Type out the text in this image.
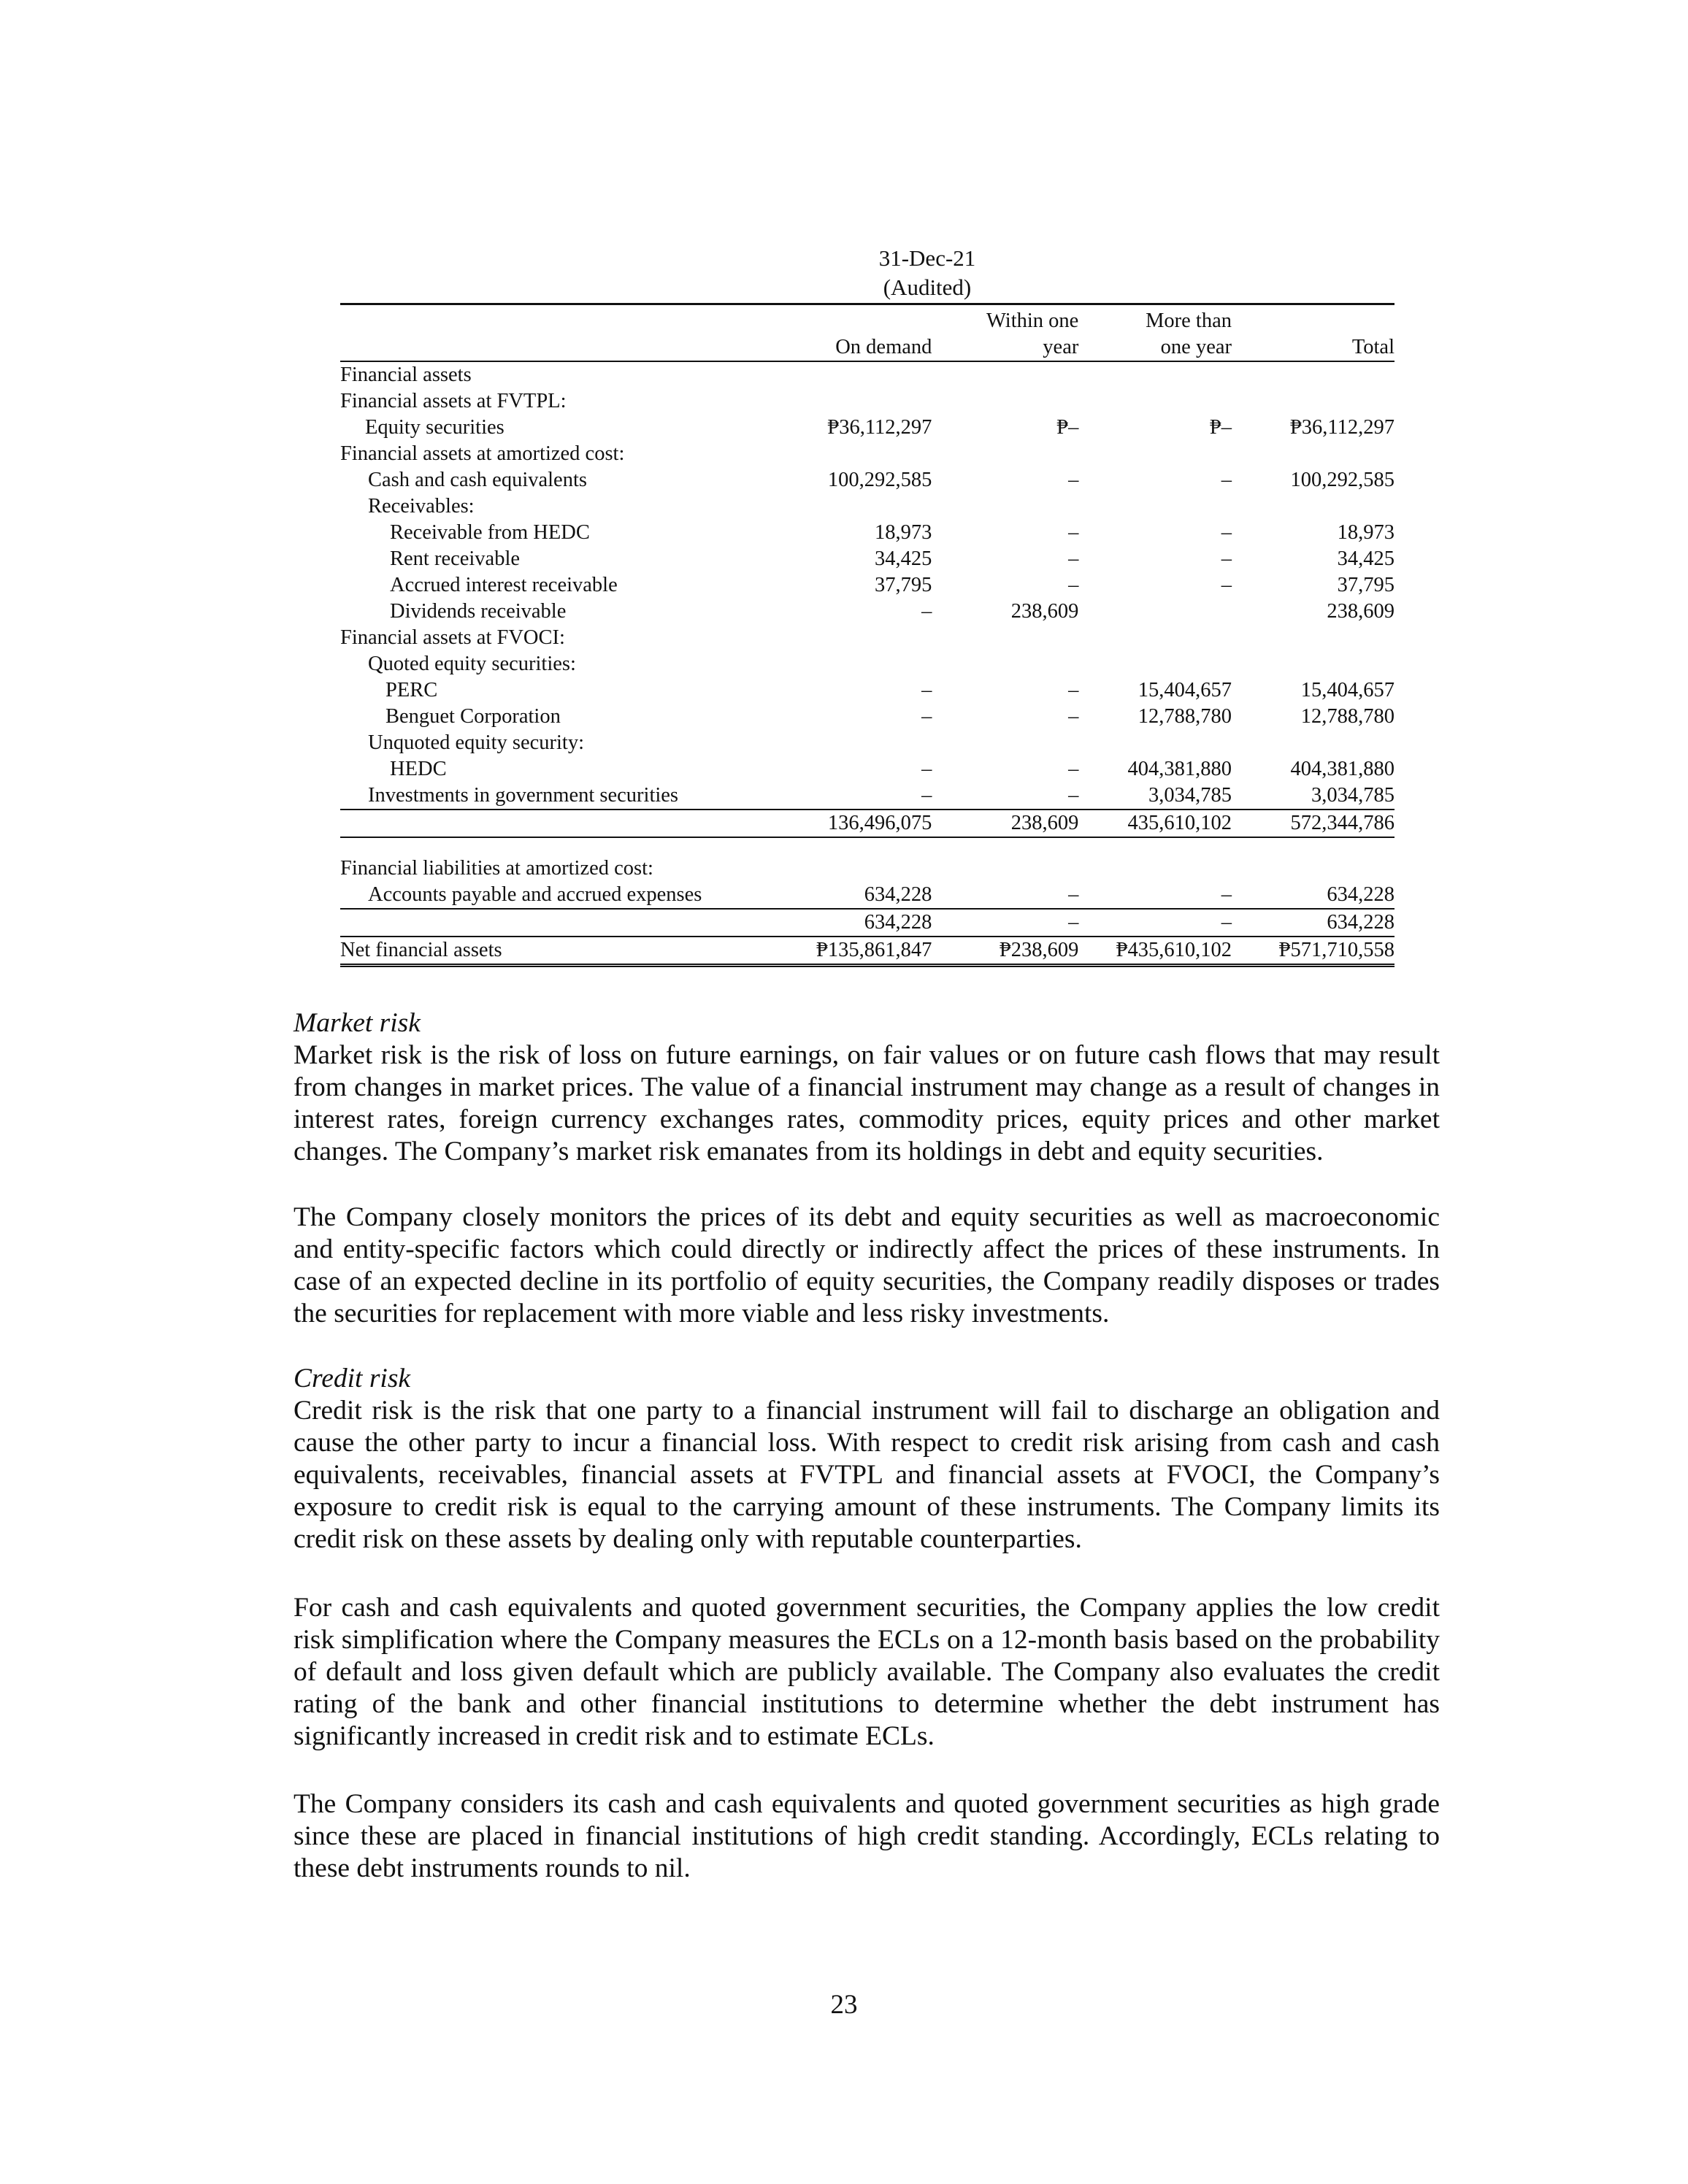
31-Dec-21
(Audited)

		Within one	More than	
	On demand	year	one year	Total
Financial assets				
Financial assets at FVTPL:				
Equity securities	₱36,112,297	₱–	₱–	₱36,112,297
Financial assets at amortized cost:				
Cash and cash equivalents	100,292,585	–	–	100,292,585
Receivables:				
Receivable from HEDC	18,973	–	–	18,973
Rent receivable	34,425	–	–	34,425
Accrued interest receivable	37,795	–	–	37,795
Dividends receivable	–	238,609		238,609
Financial assets at FVOCI:				
Quoted equity securities:				
PERC	–	–	15,404,657	15,404,657
Benguet Corporation	–	–	12,788,780	12,788,780
Unquoted equity security:				
HEDC	–	–	404,381,880	404,381,880
Investments in government securities	–	–	3,034,785	3,034,785
	136,496,075	238,609	435,610,102	572,344,786

Financial liabilities at amortized cost:				
Accounts payable and accrued expenses	634,228	–	–	634,228
	634,228	–	–	634,228
Net financial assets	₱135,861,847	₱238,609	₱435,610,102	₱571,710,558
Market risk

Market risk is the risk of loss on future earnings, on fair values or on future cash flows that may result from changes in market prices. The value of a financial instrument may change as a result of changes in interest rates, foreign currency exchanges rates, commodity prices, equity prices and other market changes. The Company’s market risk emanates from its holdings in debt and equity securities.

The Company closely monitors the prices of its debt and equity securities as well as macroeconomic and entity-specific factors which could directly or indirectly affect the prices of these instruments. In case of an expected decline in its portfolio of equity securities, the Company readily disposes or trades the securities for replacement with more viable and less risky investments.

Credit risk

Credit risk is the risk that one party to a financial instrument will fail to discharge an obligation and cause the other party to incur a financial loss. With respect to credit risk arising from cash and cash equivalents, receivables, financial assets at FVTPL and financial assets at FVOCI, the Company’s exposure to credit risk is equal to the carrying amount of these instruments. The Company limits its credit risk on these assets by dealing only with reputable counterparties.

For cash and cash equivalents and quoted government securities, the Company applies the low credit risk simplification where the Company measures the ECLs on a 12-month basis based on the probability of default and loss given default which are publicly available. The Company also evaluates the credit rating of the bank and other financial institutions to determine whether the debt instrument has significantly increased in credit risk and to estimate ECLs.

The Company considers its cash and cash equivalents and quoted government securities as high grade since these are placed in financial institutions of high credit standing. Accordingly, ECLs relating to these debt instruments rounds to nil.

23
